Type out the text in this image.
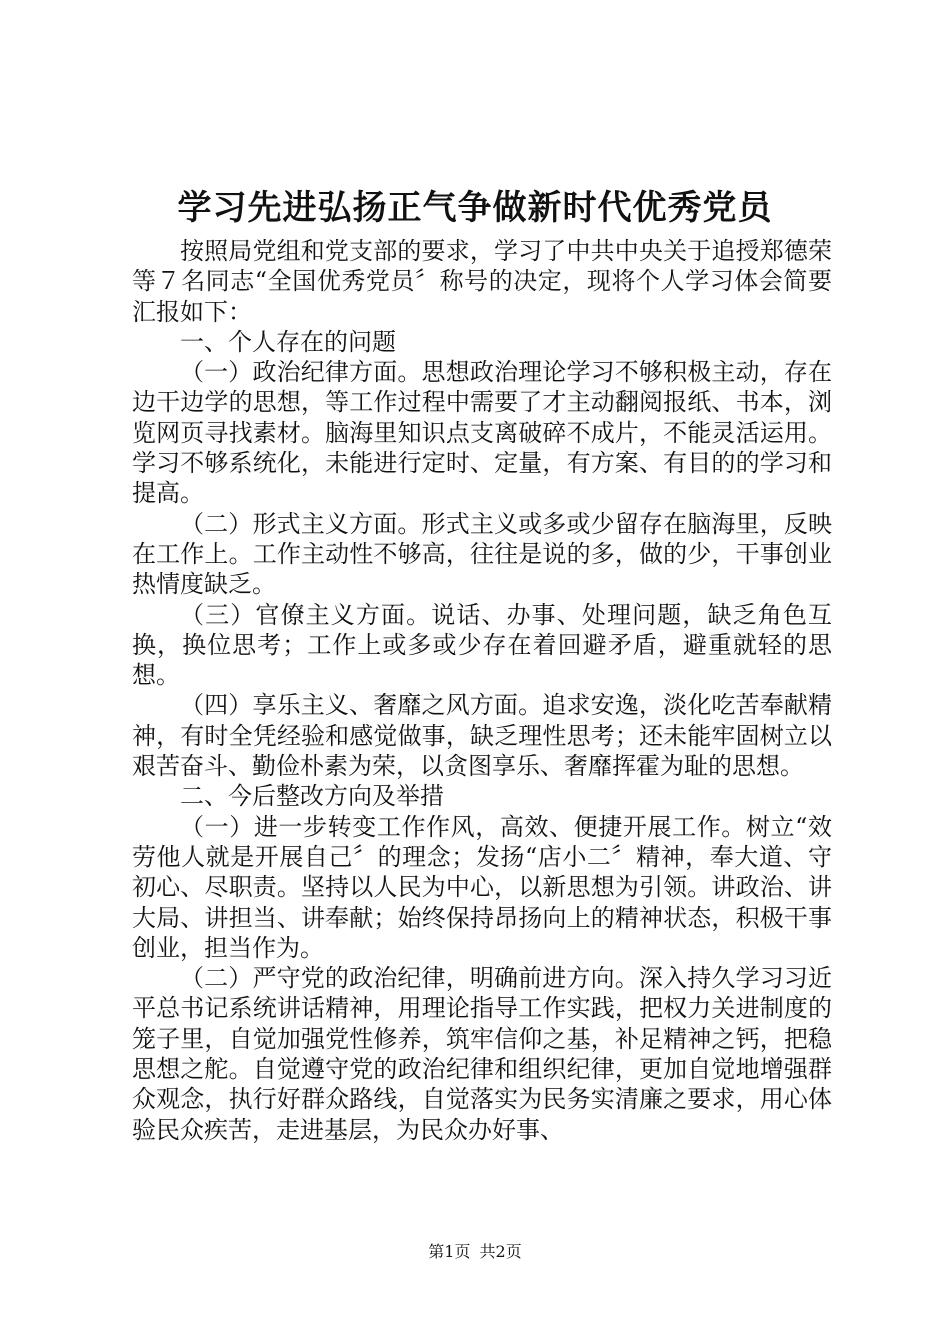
学习先进弘扬正气争做新时代优秀党员

按照局党组和党支部的要求，学习了中共中央关于追授郑德荣等７名同志“全国优秀党员〞称号的决定，现将个人学习体会简要汇报如下：

一、个人存在的问题

（一）政治纪律方面。思想政治理论学习不够积极主动，存在边干边学的思想，等工作过程中需要了才主动翻阅报纸、书本，浏览网页寻找素材。脑海里知识点支离破碎不成片，不能灵活运用。学习不够系统化，未能进行定时、定量，有方案、有目的的学习和提高。

（二）形式主义方面。形式主义或多或少留存在脑海里，反映在工作上。工作主动性不够高，往往是说的多，做的少，干事创业热情度缺乏。

（三）官僚主义方面。说话、办事、处理问题，缺乏角色互换，换位思考；工作上或多或少存在着回避矛盾，避重就轻的思想。

（四）享乐主义、奢靡之风方面。追求安逸，淡化吃苦奉献精神，有时全凭经验和感觉做事，缺乏理性思考；还未能牢固树立以艰苦奋斗、勤俭朴素为荣，以贪图享乐、奢靡挥霍为耻的思想。

二、今后整改方向及举措

（一）进一步转变工作作风，高效、便捷开展工作。树立“效劳他人就是开展自己〞的理念；发扬“店小二〞精神，奉大道、守初心、尽职责。坚持以人民为中心，以新思想为引领。讲政治、讲大局、讲担当、讲奉献；始终保持昂扬向上的精神状态，积极干事创业，担当作为。

（二）严守党的政治纪律，明确前进方向。深入持久学习习近平总书记系统讲话精神，用理论指导工作实践，把权力关进制度的笼子里，自觉加强党性修养，筑牢信仰之基，补足精神之钙，把稳思想之舵。自觉遵守党的政治纪律和组织纪律，更加自觉地增强群众观念，执行好群众路线，自觉落实为民务实清廉之要求，用心体验民众疾苦，走进基层，为民众办好事、

第1页 共2页
